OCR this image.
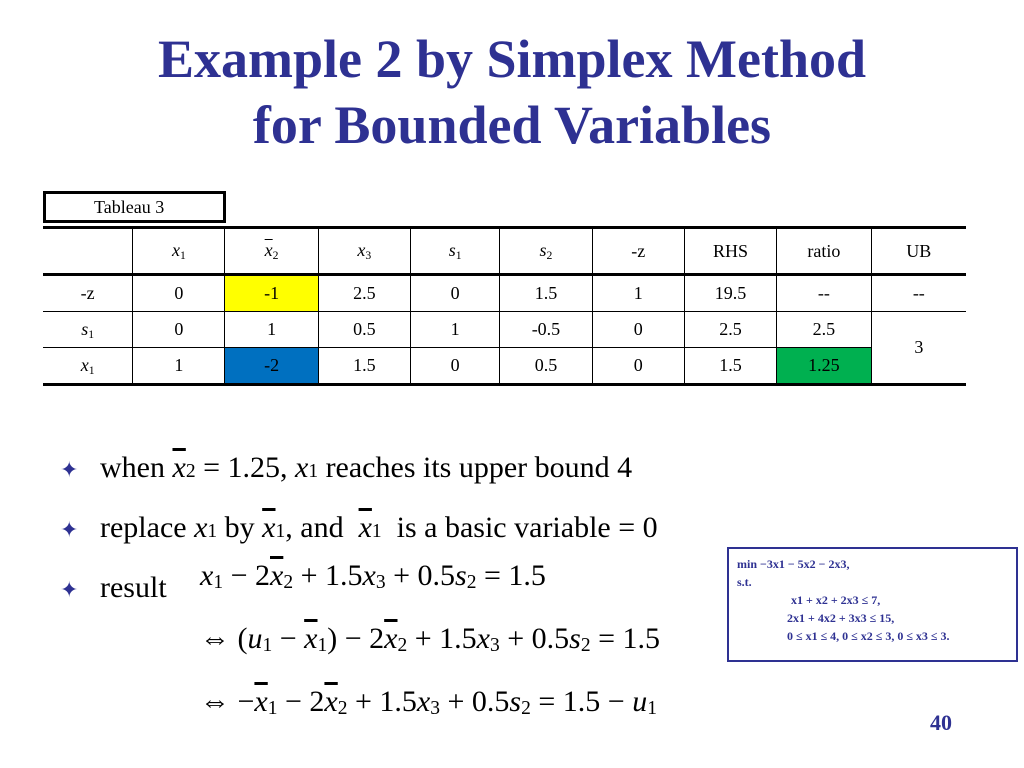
Example 2 by Simplex Method
for Bounded Variables
Tableau 3
	$x_1$	$\overline{x}_2$	$x_3$	$s_1$	$s_2$	-z	RHS	ratio	UB
-z	0	-1	2.5	0	1.5	1	19.5	--	--
$s_1$	0	1	0.5	1	-0.5	0	2.5	2.5	3
$x_1$	1	-2	1.5	0	0.5	0	1.5	1.25	
✦ when
$\overline{x}$ 2 = 1.25, x 1
reaches its upper bound 4
✦ replace
x 1 by $\overline{x}$ 1 , and $\overline{x}$ 1 is a basic variable = 0
✦ result $x_1 - 2\overline{x}_2 + 1.5x_3 + 0.5s_2 = 1.5$
⇔ $(u_1 - \overline{x}_1) - 2\overline{x}_2 + 1.5x_3 + 0.5s_2 = 1.5$
⇔ $-\overline{x}_1 - 2\overline{x}_2 + 1.5x_3 + 0.5s_2 = 1.5 - u_1$
min −3x1 − 5x2 − 2x3,
s.t.
x1 + x2 + 2x3 ≤ 7,
2x1 + 4x2 + 3x3 ≤ 15,
0 ≤ x1 ≤ 4, 0 ≤ x2 ≤ 3, 0 ≤ x3 ≤ 3.
40
